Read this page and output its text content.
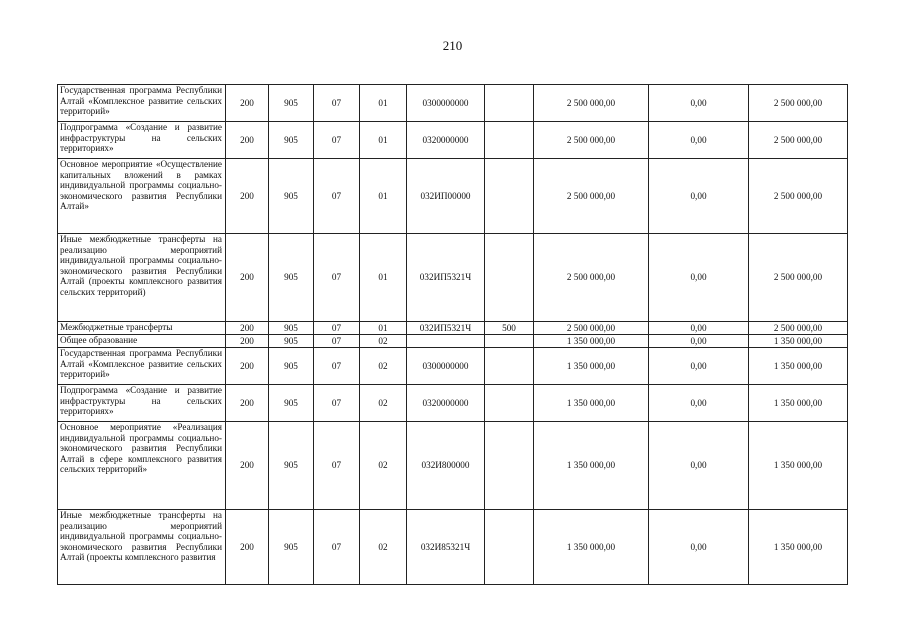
210
Государственная программа Республики Алтай «Комплексное развитие сельских территорий»	200	905	07	01	0300000000		2 500 000,00	0,00	2 500 000,00
Подпрограмма «Создание и развитие инфраструктуры на сельских территориях»	200	905	07	01	0320000000		2 500 000,00	0,00	2 500 000,00
Основное мероприятие «Осуществление капитальных вложений в рамках индивидуальной программы социально-экономического развития Республики Алтай»	200	905	07	01	032ИП00000		2 500 000,00	0,00	2 500 000,00
Иные межбюджетные трансферты на реализацию мероприятий индивидуальной программы социально-экономического развития Республики Алтай (проекты комплексного развития сельских территорий)	200	905	07	01	032ИП5321Ч		2 500 000,00	0,00	2 500 000,00
Межбюджетные трансферты	200	905	07	01	032ИП5321Ч	500	2 500 000,00	0,00	2 500 000,00
Общее образование	200	905	07	02			1 350 000,00	0,00	1 350 000,00
Государственная программа Республики Алтай «Комплексное развитие сельских территорий»	200	905	07	02	0300000000		1 350 000,00	0,00	1 350 000,00
Подпрограмма «Создание и развитие инфраструктуры на сельских территориях»	200	905	07	02	0320000000		1 350 000,00	0,00	1 350 000,00
Основное мероприятие «Реализация индивидуальной программы социально-экономического развития Республики Алтай в сфере комплексного развития сельских территорий»	200	905	07	02	032И800000		1 350 000,00	0,00	1 350 000,00
Иные межбюджетные трансферты на реализацию мероприятий индивидуальной программы социально-экономического развития Республики Алтай (проекты комплексного развития	200	905	07	02	032И85321Ч		1 350 000,00	0,00	1 350 000,00
